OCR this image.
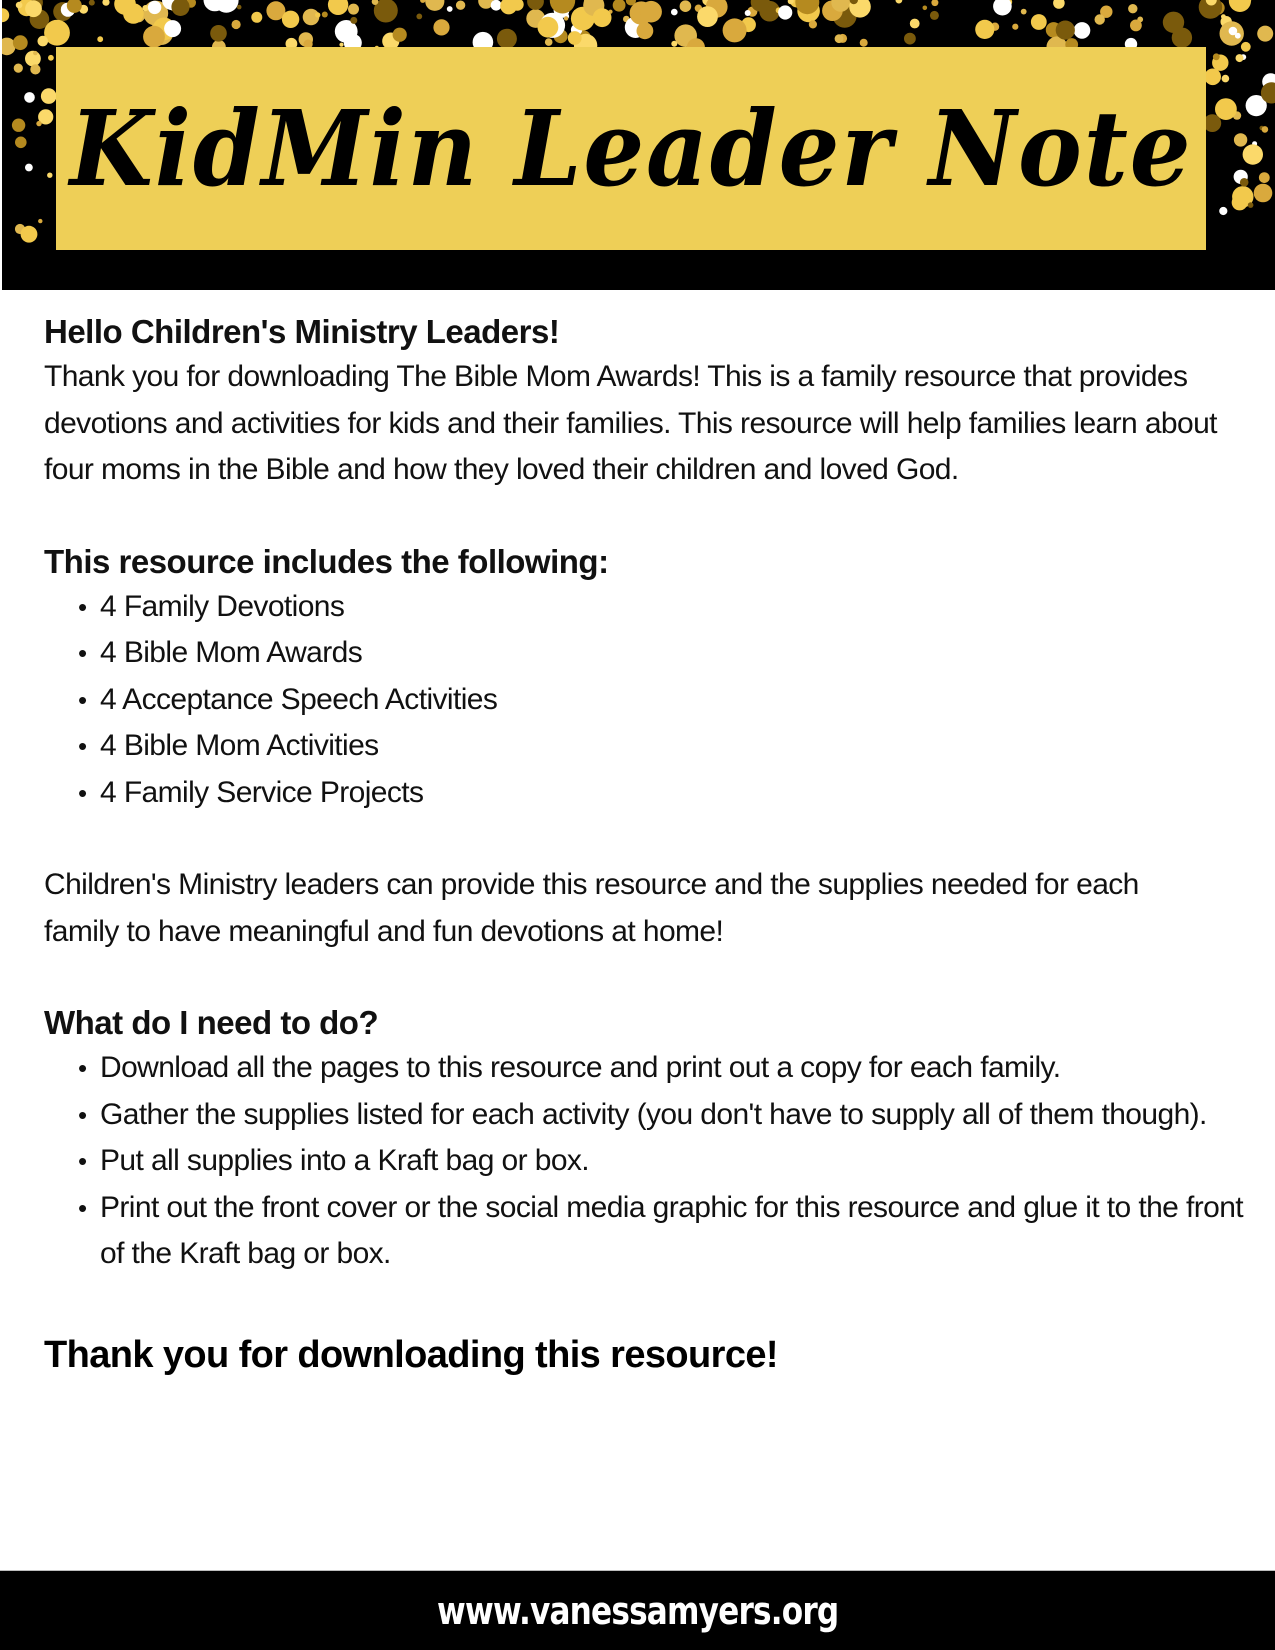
KidMin Leader Note
Hello Children's Ministry Leaders!

Thank you for downloading The Bible Mom Awards! This is a family resource that provides devotions and activities for kids and their families. This resource will help families learn about four moms in the Bible and how they loved their children and loved God.

This resource includes the following:
• 4 Family Devotions
• 4 Bible Mom Awards
• 4 Acceptance Speech Activities
• 4 Bible Mom Activities
• 4 Family Service Projects

Children's Ministry leaders can provide this resource and the supplies needed for each family to have meaningful and fun devotions at home!

What do I need to do?
• Download all the pages to this resource and print out a copy for each family.
• Gather the supplies listed for each activity (you don't have to supply all of them though).
• Put all supplies into a Kraft bag or box.
• Print out the front cover or the social media graphic for this resource and glue it to the front of the Kraft bag or box.
Thank you for downloading this resource!
www.vanessamyers.org
